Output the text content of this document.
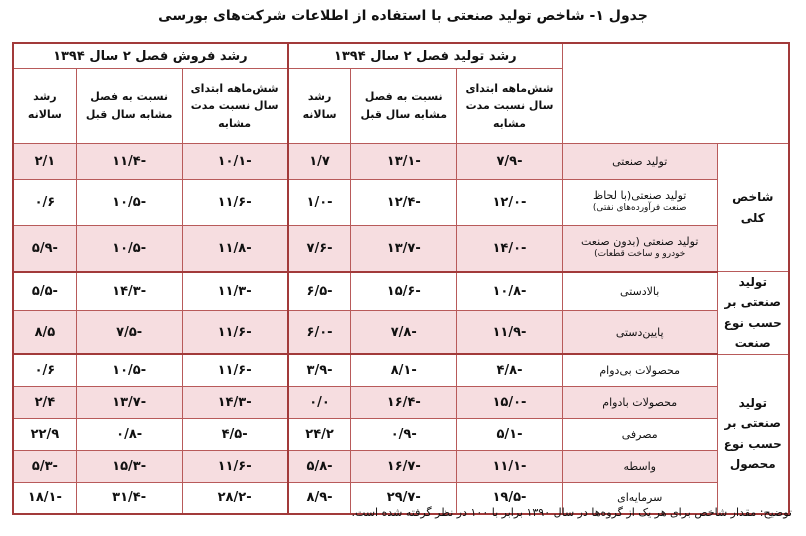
جدول ۱- شاخص تولید صنعتی با استفاده از اطلاعات شرکت‌های بورسی
		رشد تولید فصل ۲ سال ۱۳۹۴			رشد فروش فصل ۲ سال ۱۳۹۴		
		شش‌ماهه ابتدای سال نسبت مدت مشابه	نسبت به فصل مشابه سال قبل	رشد سالانه	شش‌ماهه ابتدای سال نسبت مدت مشابه	نسبت به فصل مشابه سال قبل	رشد سالانه
شاخص کلی	تولید صنعتی	-۷/۹	-۱۳/۱	۱/۷	-۱۰/۱	-۱۱/۴	۲/۱

	تولید صنعتی(با لحاظ
صنعت فرآورده‌های نفتی)	-۱۲/۰	-۱۲/۴	-۱/۰	-۱۱/۶	-۱۰/۵	۰/۶

	تولید صنعتی (بدون صنعت
خودرو و ساخت قطعات)	-۱۴/۰	-۱۳/۷	-۷/۶	-۱۱/۸	-۱۰/۵	-۵/۹
تولید صنعتی بر حسب نوع صنعت	بالادستی	-۱۰/۸	-۱۵/۶	-۶/۵	-۱۱/۳	-۱۴/۳	-۵/۵
	پایین‌دستی	-۱۱/۹	-۷/۸	-۶/۰	-۱۱/۶	-۷/۵	۸/۵
تولید صنعتی بر حسب نوع محصول	محصولات بی‌دوام	-۴/۸	-۸/۱	-۳/۹	-۱۱/۶	-۱۰/۵	۰/۶
	محصولات بادوام	-۱۵/۰	-۱۶/۴	۰/۰	-۱۴/۳	-۱۳/۷	۲/۴
	مصرفی	-۵/۱	-۰/۹	۲۴/۲	-۴/۵	-۰/۸	۲۲/۹
	واسطه	-۱۱/۱	-۱۶/۷	-۵/۸	-۱۱/۶	-۱۵/۳	-۵/۳
	سرمایه‌ای	-۱۹/۵	-۲۹/۷	-۸/۹	-۲۸/۲	-۳۱/۴	-۱۸/۱
توضیح: مقدار شاخص برای هر یک از گروه‌ها در سال ۱۳۹۰ برابر با ۱۰۰ در نظر گرفته شده است.
